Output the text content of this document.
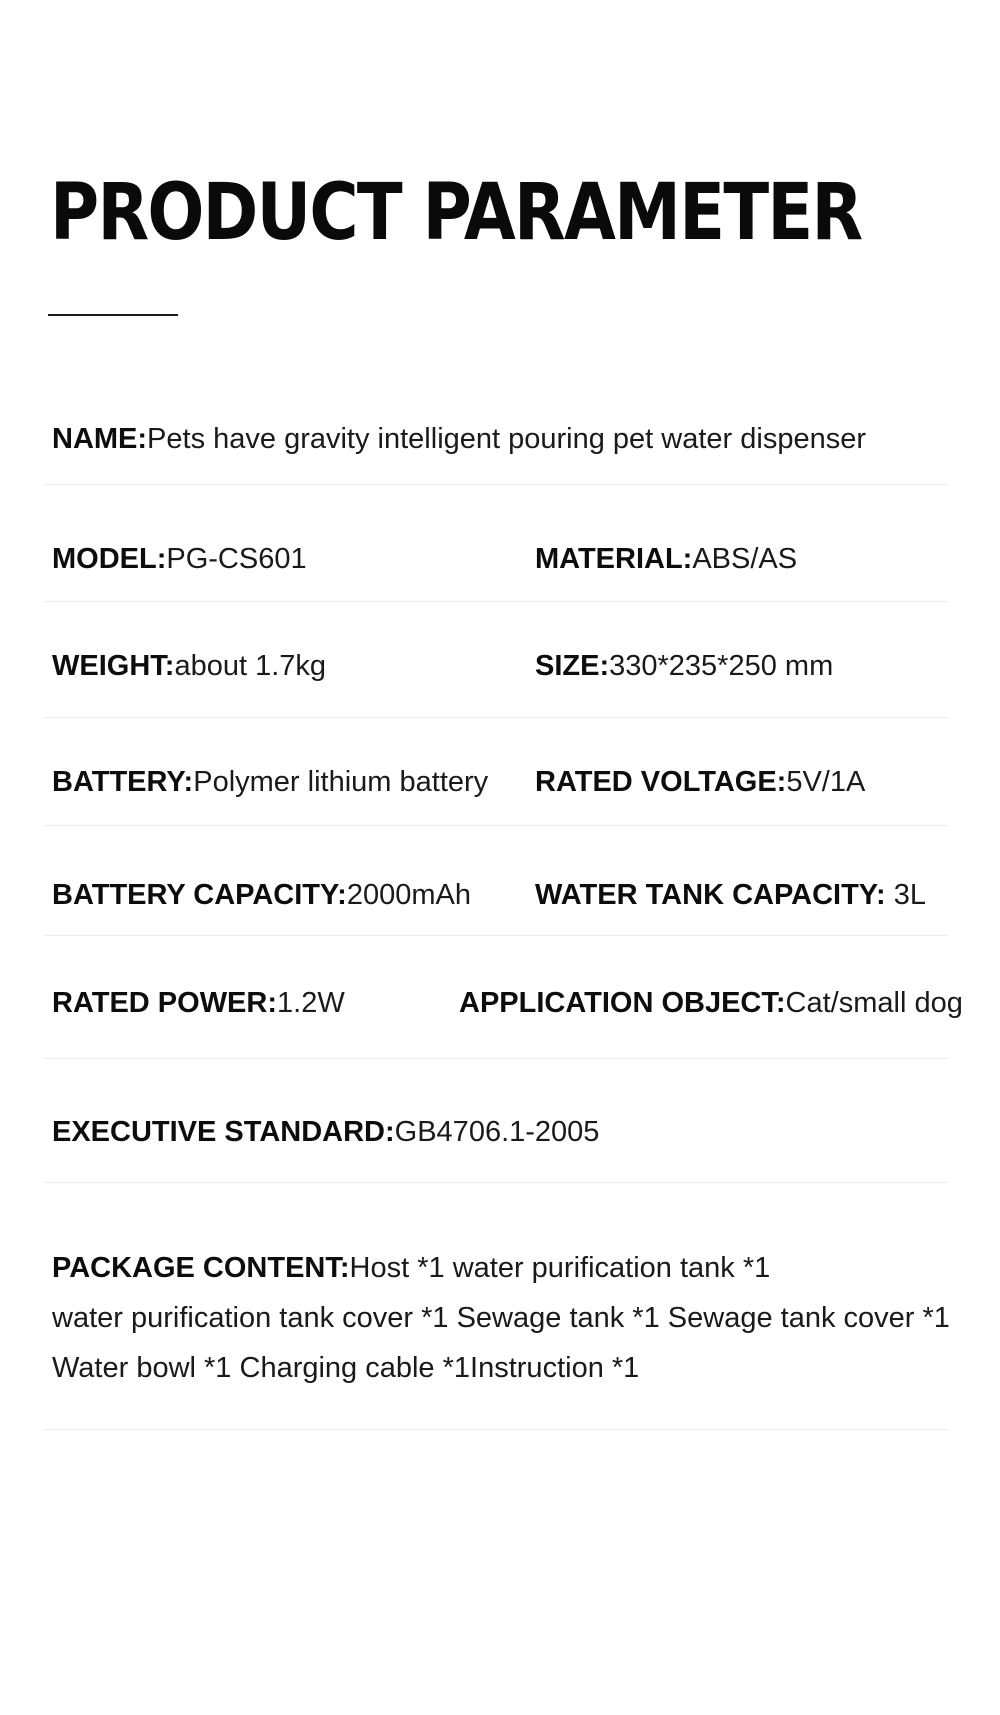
PRODUCT PARAMETER
NAME:Pets have gravity intelligent pouring pet water dispenser
MODEL:PG-CS601	MATERIAL:ABS/AS
WEIGHT:about 1.7kg	SIZE:330*235*250 mm
BATTERY:Polymer lithium battery RATED VOLTAGE:5V/1A
BATTERY CAPACITY:2000mAh WATER TANK CAPACITY: 3L
RATED POWER:1.2W	APPLICATION OBJECT:Cat/small dog
EXECUTIVE STANDARD:GB4706.1-2005
PACKAGE CONTENT:Host *1 water purification tank *1
water purification tank cover *1 Sewage tank *1 Sewage tank cover *1
Water bowl *1 Charging cable *1Instruction *1
